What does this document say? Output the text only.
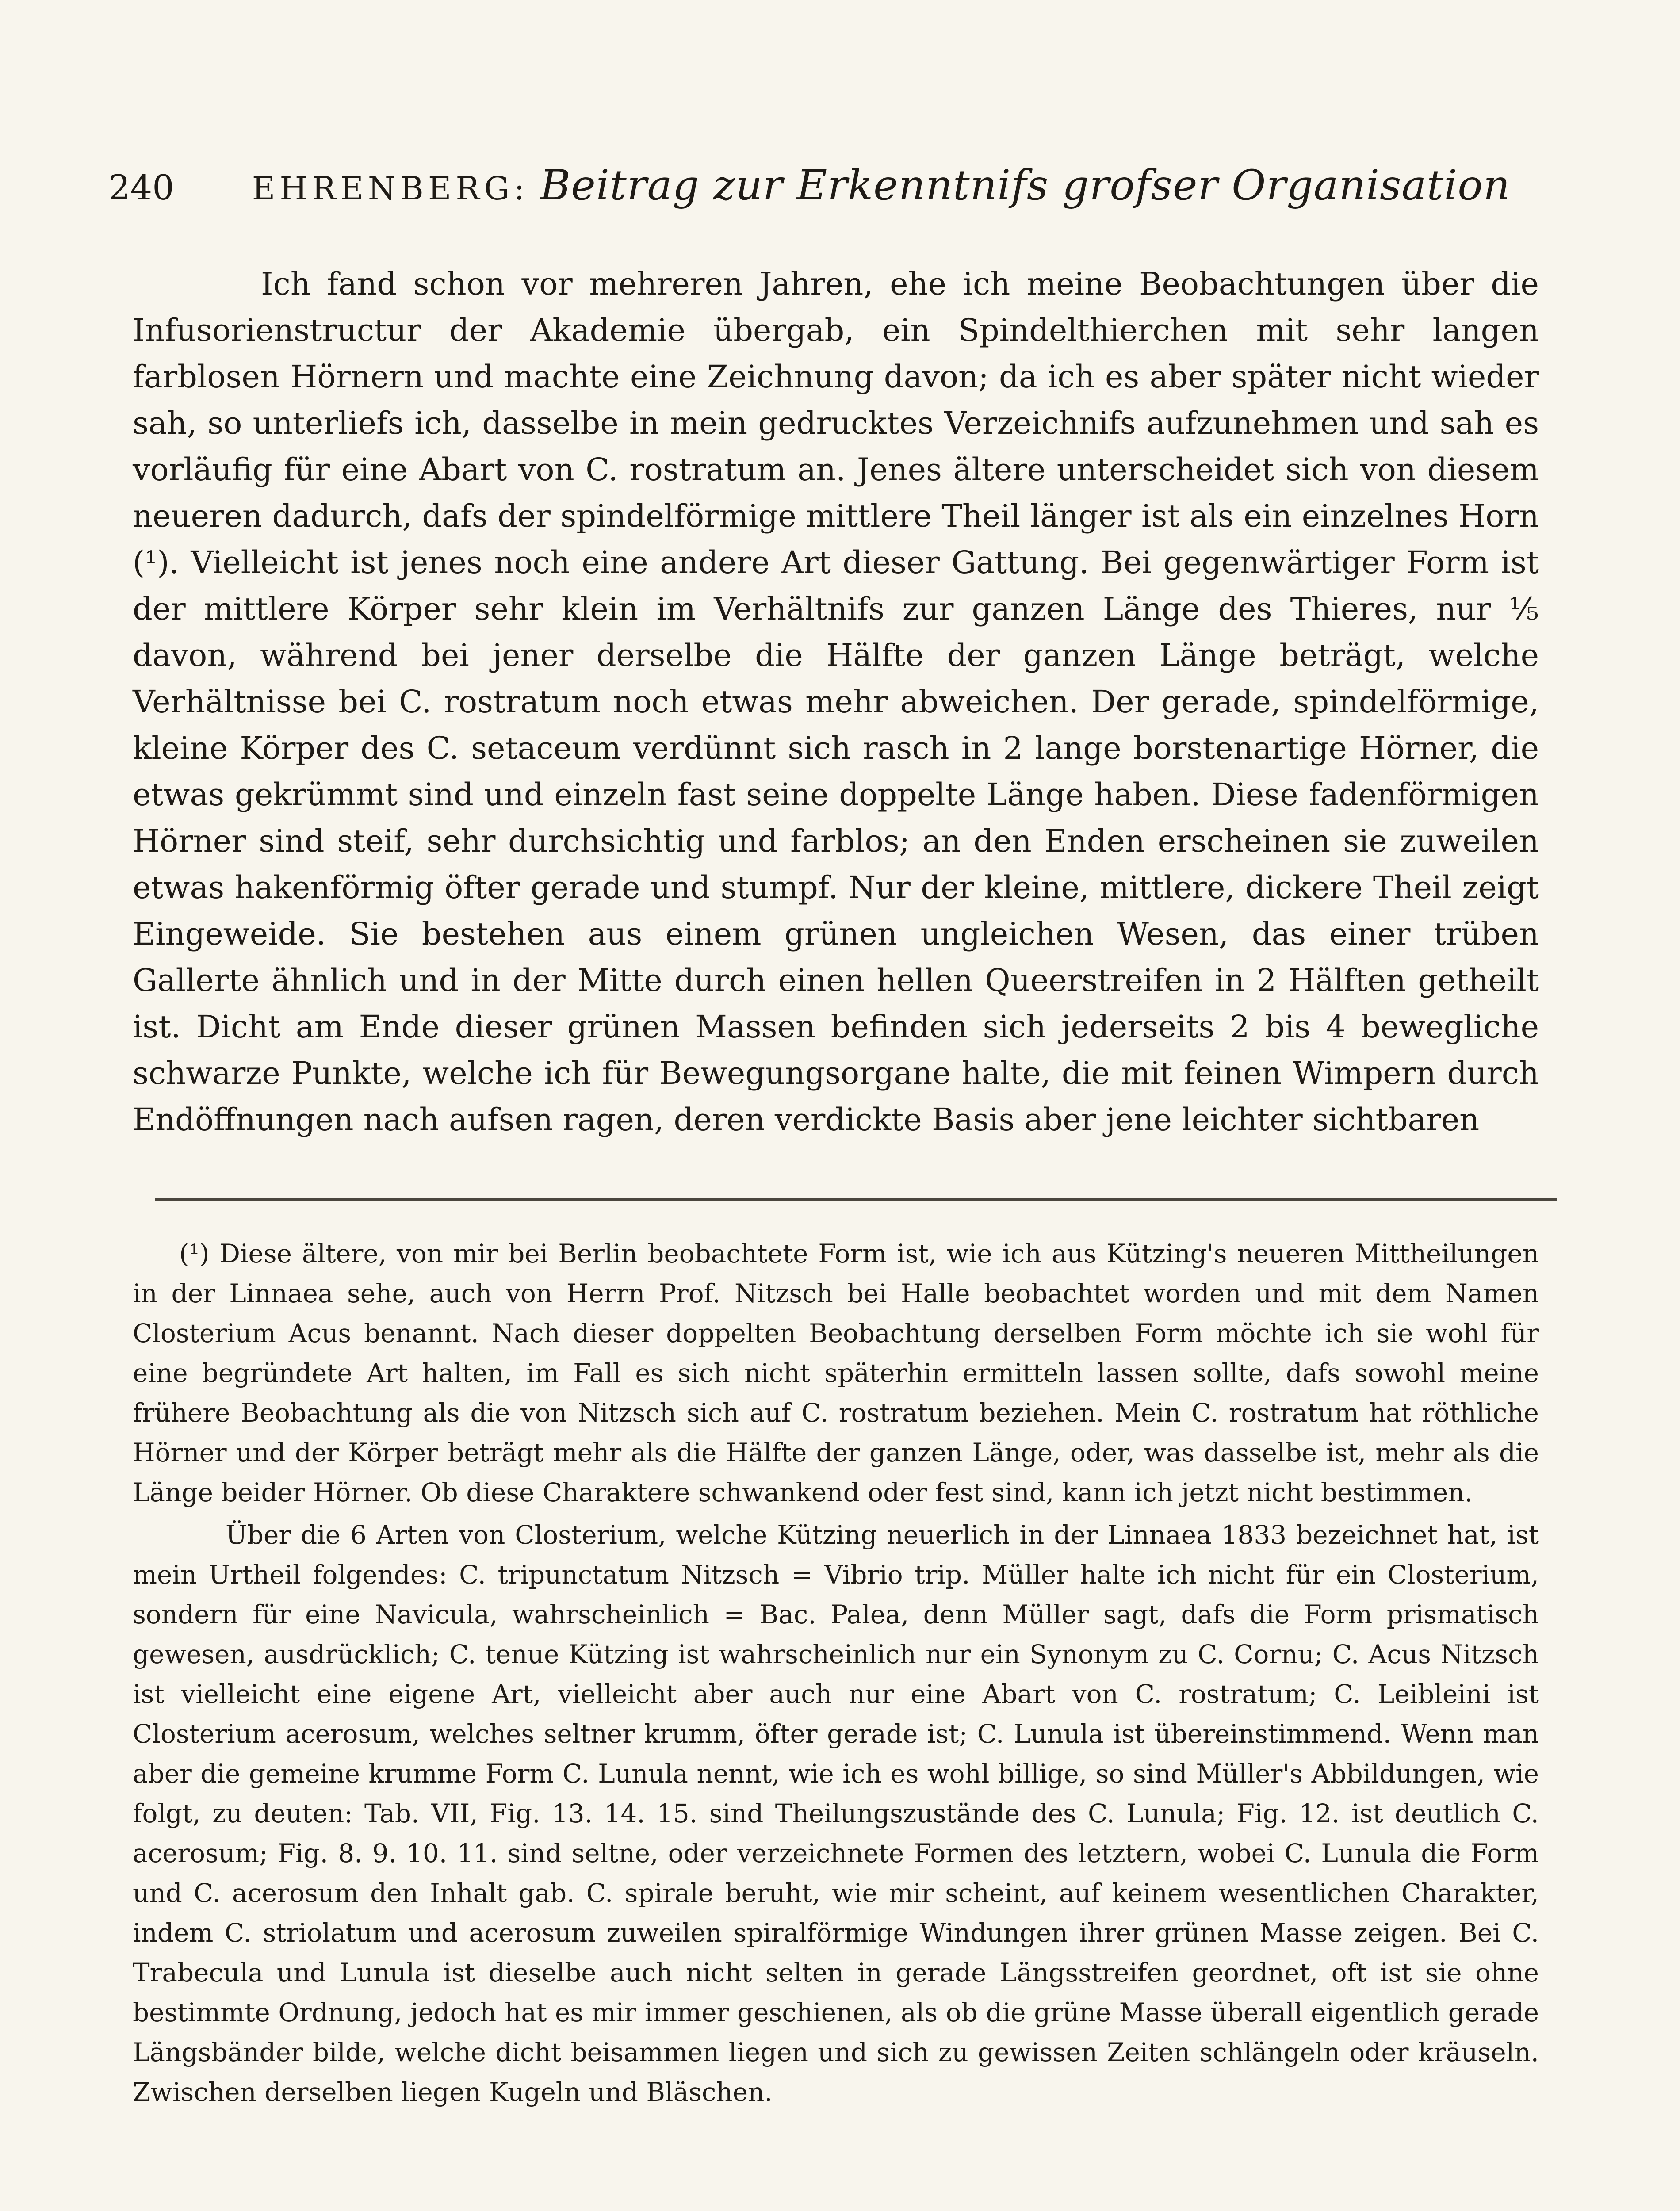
240 EHRENBERG: Beitrag zur Erkenntnifs grofser Organisation

Ich fand schon vor mehreren Jahren, ehe ich meine Beobachtungen über die Infusorienstructur der Akademie übergab, ein Spindelthierchen mit sehr langen farblosen Hörnern und machte eine Zeichnung davon; da ich es aber später nicht wieder sah, so unterliefs ich, dasselbe in mein gedrucktes Verzeichnifs aufzunehmen und sah es vorläufig für eine Abart von C. rostratum an. Jenes ältere unterscheidet sich von diesem neueren dadurch, dafs der spindelförmige mittlere Theil länger ist als ein einzelnes Horn (¹). Vielleicht ist jenes noch eine andere Art dieser Gattung. Bei gegenwärtiger Form ist der mittlere Körper sehr klein im Verhältnifs zur ganzen Länge des Thieres, nur ⅕ davon, während bei jener derselbe die Hälfte der ganzen Länge beträgt, welche Verhältnisse bei C. rostratum noch etwas mehr abweichen. Der gerade, spindelförmige, kleine Körper des C. setaceum verdünnt sich rasch in 2 lange borstenartige Hörner, die etwas gekrümmt sind und einzeln fast seine doppelte Länge haben. Diese fadenförmigen Hörner sind steif, sehr durchsichtig und farblos; an den Enden erscheinen sie zuweilen etwas hakenförmig öfter gerade und stumpf. Nur der kleine, mittlere, dickere Theil zeigt Eingeweide. Sie bestehen aus einem grünen ungleichen Wesen, das einer trüben Gallerte ähnlich und in der Mitte durch einen hellen Queerstreifen in 2 Hälften getheilt ist. Dicht am Ende dieser grünen Massen befinden sich jederseits 2 bis 4 bewegliche schwarze Punkte, welche ich für Bewegungsorgane halte, die mit feinen Wimpern durch Endöffnungen nach aufsen ragen, deren verdickte Basis aber jene leichter sichtbaren

(¹) Diese ältere, von mir bei Berlin beobachtete Form ist, wie ich aus Kützing's neueren Mittheilungen in der Linnaea sehe, auch von Herrn Prof. Nitzsch bei Halle beobachtet worden und mit dem Namen Closterium Acus benannt. Nach dieser doppelten Beobachtung derselben Form möchte ich sie wohl für eine begründete Art halten, im Fall es sich nicht späterhin ermitteln lassen sollte, dafs sowohl meine frühere Beobachtung als die von Nitzsch sich auf C. rostratum beziehen. Mein C. rostratum hat röthliche Hörner und der Körper beträgt mehr als die Hälfte der ganzen Länge, oder, was dasselbe ist, mehr als die Länge beider Hörner. Ob diese Charaktere schwankend oder fest sind, kann ich jetzt nicht bestimmen.

Über die 6 Arten von Closterium, welche Kützing neuerlich in der Linnaea 1833 bezeichnet hat, ist mein Urtheil folgendes: C. tripunctatum Nitzsch = Vibrio trip. Müller halte ich nicht für ein Closterium, sondern für eine Navicula, wahrscheinlich = Bac. Palea, denn Müller sagt, dafs die Form prismatisch gewesen, ausdrücklich; C. tenue Kützing ist wahrscheinlich nur ein Synonym zu C. Cornu; C. Acus Nitzsch ist vielleicht eine eigene Art, vielleicht aber auch nur eine Abart von C. rostratum; C. Leibleini ist Closterium acerosum, welches seltner krumm, öfter gerade ist; C. Lunula ist übereinstimmend. Wenn man aber die gemeine krumme Form C. Lunula nennt, wie ich es wohl billige, so sind Müller's Abbildungen, wie folgt, zu deuten: Tab. VII, Fig. 13. 14. 15. sind Theilungszustände des C. Lunula; Fig. 12. ist deutlich C. acerosum; Fig. 8. 9. 10. 11. sind seltne, oder verzeichnete Formen des letztern, wobei C. Lunula die Form und C. acerosum den Inhalt gab. C. spirale beruht, wie mir scheint, auf keinem wesentlichen Charakter, indem C. striolatum und acerosum zuweilen spiralförmige Windungen ihrer grünen Masse zeigen. Bei C. Trabecula und Lunula ist dieselbe auch nicht selten in gerade Längsstreifen geordnet, oft ist sie ohne bestimmte Ordnung, jedoch hat es mir immer geschienen, als ob die grüne Masse überall eigentlich gerade Längsbänder bilde, welche dicht beisammen liegen und sich zu gewissen Zeiten schlängeln oder kräuseln. Zwischen derselben liegen Kugeln und Bläschen.
